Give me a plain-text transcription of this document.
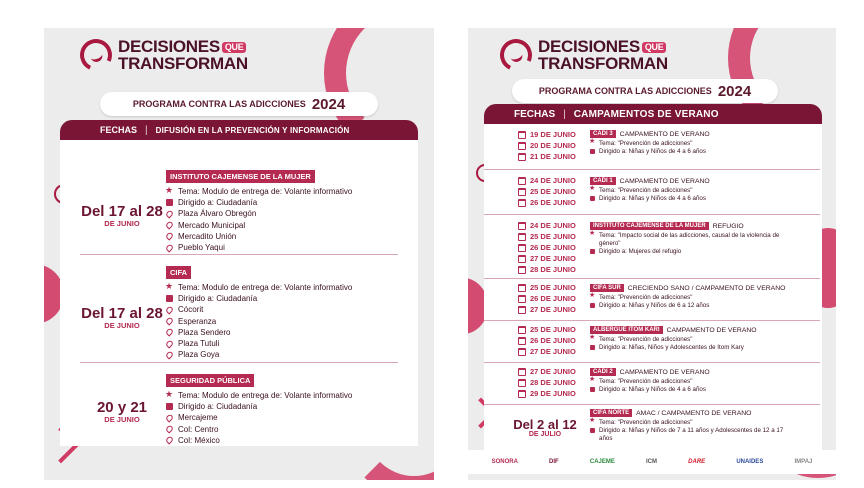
DECISIONES QUE
TRANSFORMAN
PROGRAMA CONTRA LAS ADICCIONES 2024
FECHAS |	DIFUSIÓN EN LA PREVENCIÓN Y INFORMACIÓN
Del 17 al 28
DE JUNIO
INSTITUTO CAJEMENSE DE LA MUJER
★
Tema: Modulo de entrega de: Volante informativo
Dirigido a: Ciudadanía
Plaza Álvaro Obregón
Mercado Municipal
Mercadito Unión
Pueblo Yaqui
Del 17 al 28
DE JUNIO
CIFA
★
Tema: Modulo de entrega de: Volante informativo
Dirigido a: Ciudadanía
Cócorit
Esperanza
Plaza Sendero
Plaza Tutuli
Plaza Goya
20 y 21
DE JUNIO
SEGURIDAD PÚBLICA
★
Tema: Modulo de entrega de: Volante informativo
Dirigido a: Ciudadanía
Mercajeme
Col: Centro
Col: México
DECISIONES QUE
TRANSFORMAN
PROGRAMA CONTRA LAS ADICCIONES 2024
FECHAS | CAMPAMENTOS DE VERANO
19 DE JUNIO
20 DE JUNIO
21 DE JUNIO
CADI 3	CAMPAMENTO DE VERANO
★
Tema: "Prevención de adicciones"
Dirigido a: Niñas y Niños de 4 a 6 años
24 DE JUNIO
25 DE JUNIO
26 DE JUNIO
CADI 1	CAMPAMENTO DE VERANO
★
Tema: "Prevención de adicciones"
Dirigido a: Niñas y Niños de 4 a 6 años
24 DE JUNIO
25 DE JUNIO
26 DE JUNIO
27 DE JUNIO
28 DE JUNIO
INSTITUTO CAJEMENSE DE LA MUJER	REFUGIO
★
Tema: "Impacto social de las adicciones, causal de la violencia de género"
Dirigido a: Mujeres del refugio
25 DE JUNIO
26 DE JUNIO
27 DE JUNIO
CIFA SUR	CRECIENDO SANO / CAMPAMENTO DE VERANO
★
Tema: "Prevención de adicciones"
Dirigido a: Niñas y Niños de 6 a 12 años
25 DE JUNIO
26 DE JUNIO
27 DE JUNIO
ALBERGUE ITOM KARI	CAMPAMENTO DE VERANO
★
Tema: "Prevención de adicciones"
Dirigido a: Niñas, Niños y Adolescentes de Itom Kary
27 DE JUNIO
28 DE JUNIO
29 DE JUNIO
CADI 2	CAMPAMENTO DE VERANO
★
Tema: "Prevención de adicciones"
Dirigido a: Niñas y Niños de 4 a 6 años
Del 2 al 12
DE JULIO
CIFA NORTE	AMAC / CAMPAMENTO DE VERANO
★
Tema: "Prevención de adicciones"
Dirigido a: Niñas y Niños de 7 a 11 años y Adolescentes de 12 a 17 años
SONORA	DIF	CAJEME	ICM	DARE	UNAIDES	IMPAJ
